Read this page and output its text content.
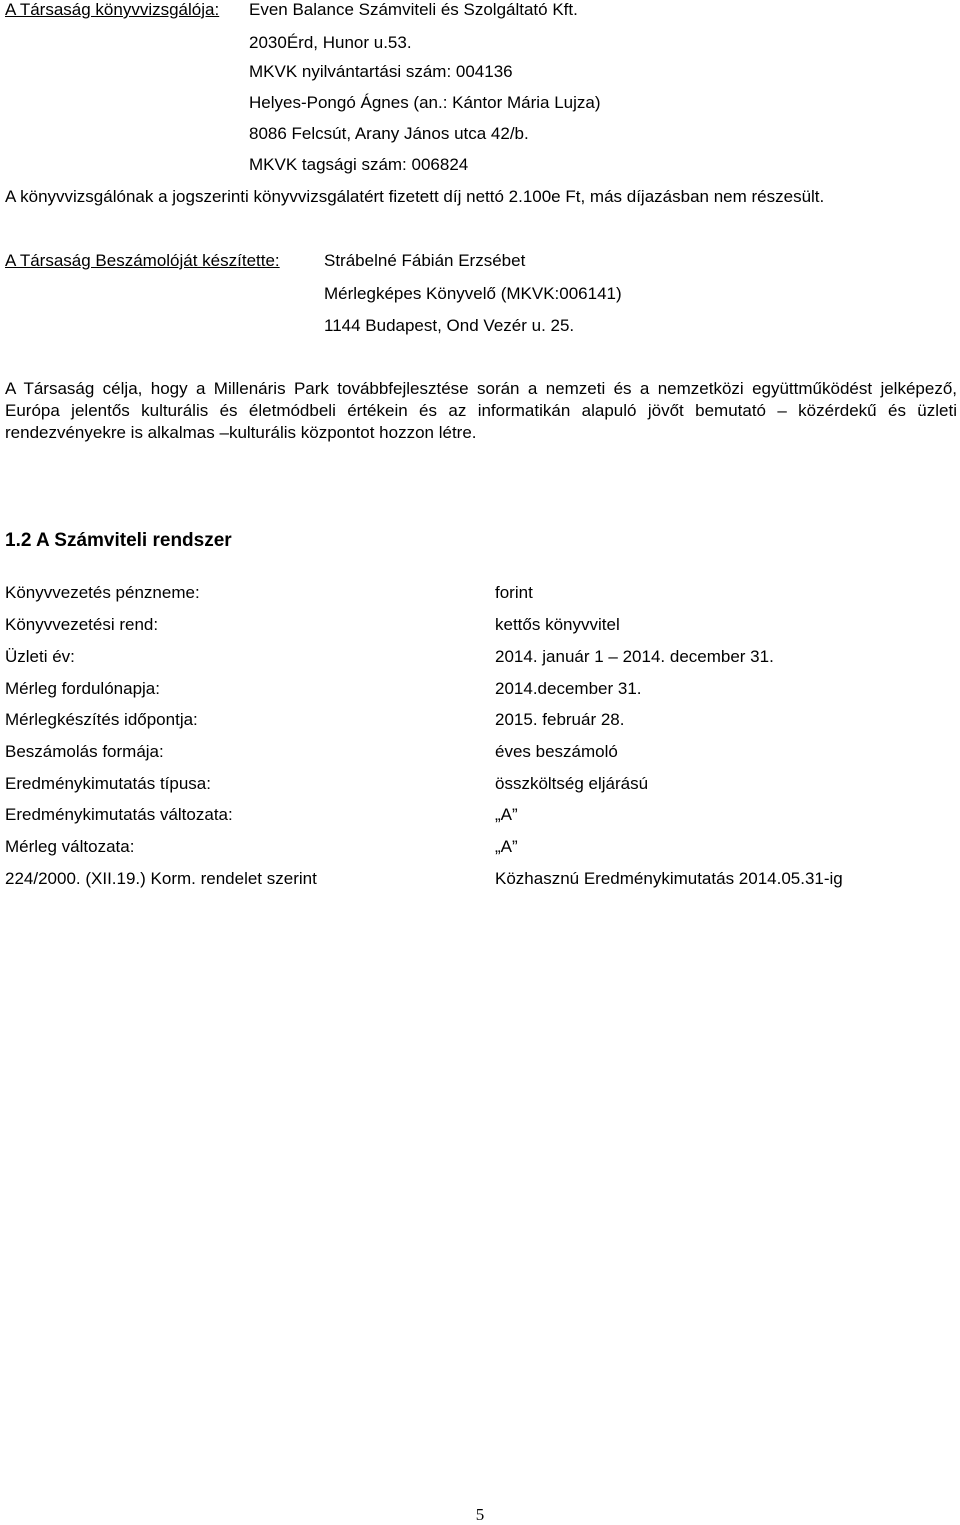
A Társaság könyvvizsgálója: Even Balance Számviteli és Szolgáltató Kft.
2030Érd, Hunor u.53.
MKVK nyilvántartási szám: 004136
Helyes-Pongó Ágnes (an.: Kántor Mária Lujza)
8086 Felcsút, Arany János utca 42/b.
MKVK tagsági szám: 006824
A könyvvizsgálónak a jogszerinti könyvvizsgálatért fizetett díj nettó 2.100e Ft, más díjazásban nem részesült.
A Társaság Beszámolóját készítette:	Strábelné Fábián Erzsébet
Mérlegképes Könyvelő (MKVK:006141)
1144 Budapest, Ond Vezér u. 25.
A Társaság célja, hogy a Millenáris Park továbbfejlesztése során a nemzeti és a nemzetközi együttműködést jelképező, Európa jelentős kulturális és életmódbeli értékein és az informatikán alapuló jövőt bemutató – közérdekű és üzleti rendezvényekre is alkalmas –kulturális központot hozzon létre.
1.2 A Számviteli rendszer
Könyvvezetés pénzneme:	forint
Könyvvezetési rend:	kettős könyvvitel
Üzleti év:	2014. január 1 – 2014. december 31.
Mérleg fordulónapja:	2014.december 31.
Mérlegkészítés időpontja:	2015. február 28.
Beszámolás formája:	éves beszámoló
Eredménykimutatás típusa:	összköltség eljárású
Eredménykimutatás változata:	„A”
Mérleg változata:	„A”
224/2000. (XII.19.) Korm. rendelet szerint	Közhasznú Eredménykimutatás 2014.05.31-ig
5
